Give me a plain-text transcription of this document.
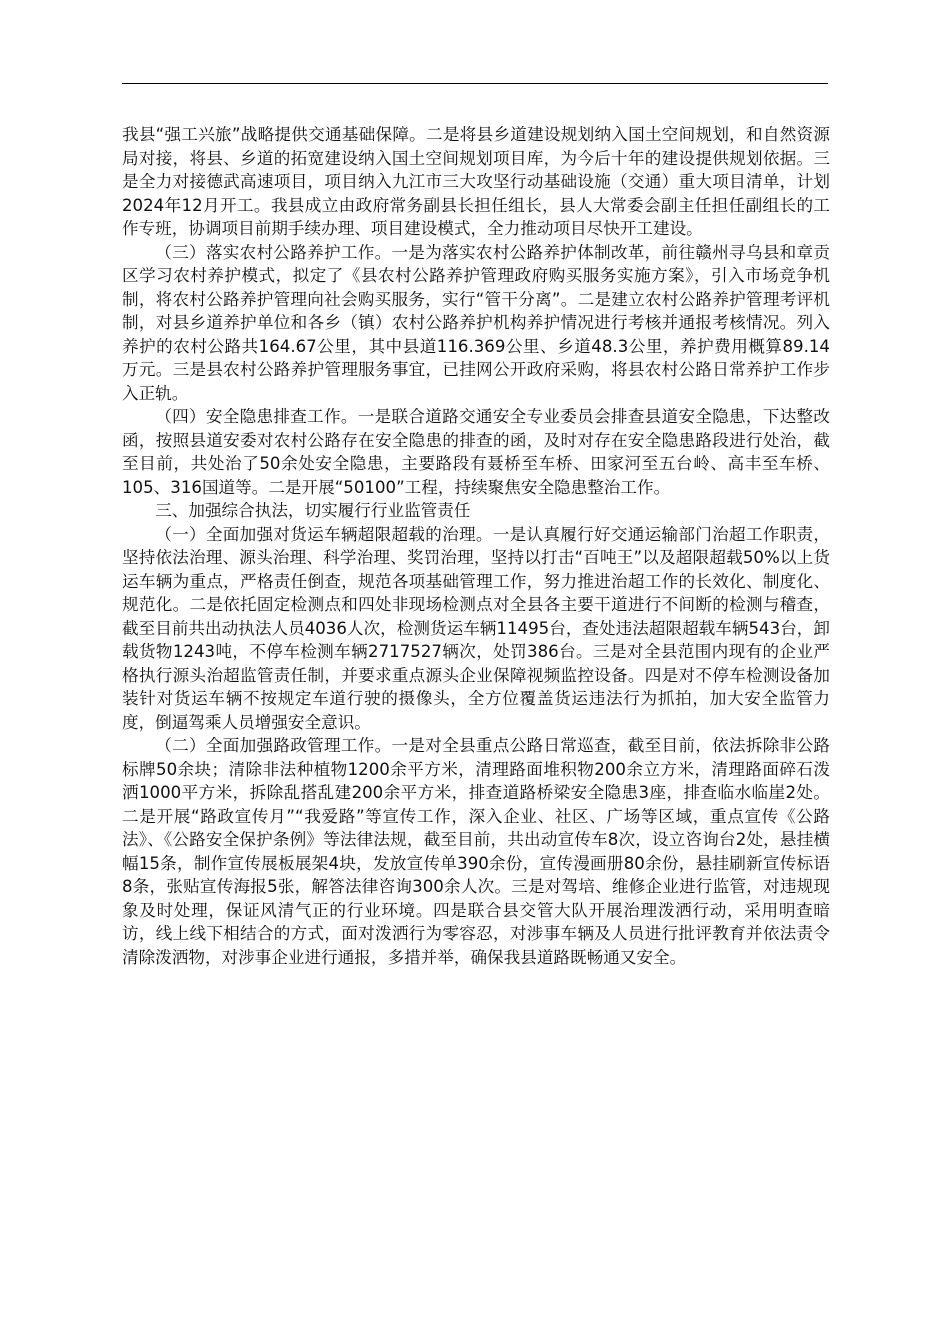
我县“强工兴旅”战略提供交通基础保障。二是将县乡道建设规划纳入国土空间规划，和自然资源局对接，将县、乡道的拓宽建设纳入国土空间规划项目库，为今后十年的建设提供规划依据。三是全力对接德武高速项目，项目纳入九江市三大攻坚行动基础设施（交通）重大项目清单，计划2024年12月开工。我县成立由政府常务副县长担任组长，县人大常委会副主任担任副组长的工作专班，协调项目前期手续办理、项目建设模式，全力推动项目尽快开工建设。

（三）落实农村公路养护工作。一是为落实农村公路养护体制改革，前往赣州寻乌县和章贡区学习农村养护模式，拟定了《县农村公路养护管理政府购买服务实施方案》，引入市场竞争机制，将农村公路养护管理向社会购买服务，实行“管干分离”。二是建立农村公路养护管理考评机制，对县乡道养护单位和各乡（镇）农村公路养护机构养护情况进行考核并通报考核情况。列入养护的农村公路共164.67公里，其中县道116.369公里、乡道48.3公里，养护费用概算89.14万元。三是县农村公路养护管理服务事宜，已挂网公开政府采购，将县农村公路日常养护工作步入正轨。

（四）安全隐患排查工作。一是联合道路交通安全专业委员会排查县道安全隐患，下达整改函，按照县道安委对农村公路存在安全隐患的排查的函，及时对存在安全隐患路段进行处治，截至目前，共处治了50余处安全隐患，主要路段有聂桥至车桥、田家河至五台岭、高丰至车桥、105、316国道等。二是开展“50100”工程，持续聚焦安全隐患整治工作。

三、加强综合执法，切实履行行业监管责任

（一）全面加强对货运车辆超限超载的治理。一是认真履行好交通运输部门治超工作职责，坚持依法治理、源头治理、科学治理、奖罚治理，坚持以打击“百吨王”以及超限超载50%以上货运车辆为重点，严格责任倒查，规范各项基础管理工作，努力推进治超工作的长效化、制度化、规范化。二是依托固定检测点和四处非现场检测点对全县各主要干道进行不间断的检测与稽查，截至目前共出动执法人员4036人次，检测货运车辆11495台，查处违法超限超载车辆543台，卸载货物1243吨，不停车检测车辆2717527辆次，处罚386台。三是对全县范围内现有的企业严格执行源头治超监管责任制，并要求重点源头企业保障视频监控设备。四是对不停车检测设备加装针对货运车辆不按规定车道行驶的摄像头，全方位覆盖货运违法行为抓拍，加大安全监管力度，倒逼驾乘人员增强安全意识。

（二）全面加强路政管理工作。一是对全县重点公路日常巡查，截至目前，依法拆除非公路标牌50余块；清除非法种植物1200余平方米，清理路面堆积物200余立方米，清理路面碎石泼洒1000平方米，拆除乱搭乱建200余平方米，排查道路桥梁安全隐患3座，排查临水临崖2处。二是开展“路政宣传月”“我爱路”等宣传工作，深入企业、社区、广场等区域，重点宣传《公路法》、《公路安全保护条例》等法律法规，截至目前，共出动宣传车8次，设立咨询台2处，悬挂横幅15条，制作宣传展板展架4块，发放宣传单390余份，宣传漫画册80余份，悬挂刷新宣传标语8条，张贴宣传海报5张，解答法律咨询300余人次。三是对驾培、维修企业进行监管，对违规现象及时处理，保证风清气正的行业环境。四是联合县交管大队开展治理泼洒行动，采用明查暗访，线上线下相结合的方式，面对泼洒行为零容忍，对涉事车辆及人员进行批评教育并依法责令清除泼洒物，对涉事企业进行通报，多措并举，确保我县道路既畅通又安全。
